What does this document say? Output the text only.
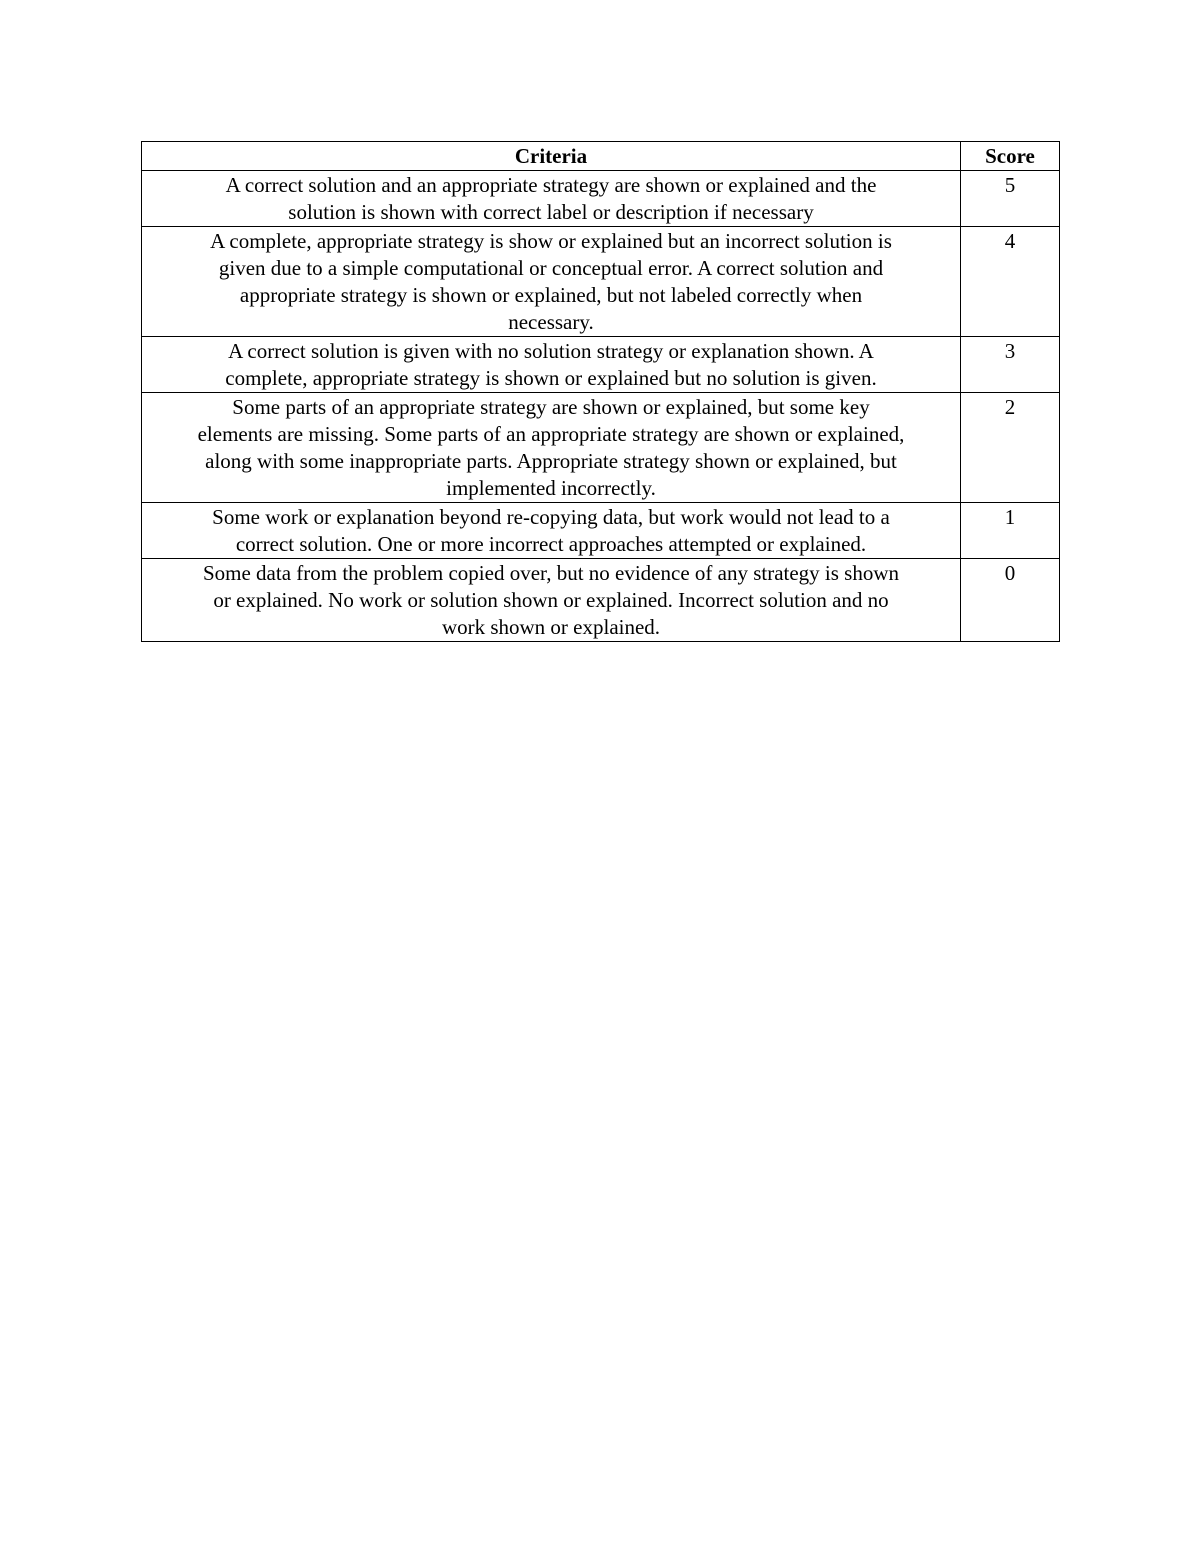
Criteria	Score

A correct solution and an appropriate strategy are shown or explained and the
solution is shown with correct label or description if necessary	5

A complete, appropriate strategy is show or explained but an incorrect solution is
given due to a simple computational or conceptual error. A correct solution and
appropriate strategy is shown or explained, but not labeled correctly when
necessary.	4

A correct solution is given with no solution strategy or explanation shown. A
complete, appropriate strategy is shown or explained but no solution is given.	3

Some parts of an appropriate strategy are shown or explained, but some key
elements are missing. Some parts of an appropriate strategy are shown or explained,
along with some inappropriate parts. Appropriate strategy shown or explained, but
implemented incorrectly.	2

Some work or explanation beyond re-copying data, but work would not lead to a
correct solution. One or more incorrect approaches attempted or explained.	1

Some data from the problem copied over, but no evidence of any strategy is shown
or explained. No work or solution shown or explained. Incorrect solution and no
work shown or explained.	0
